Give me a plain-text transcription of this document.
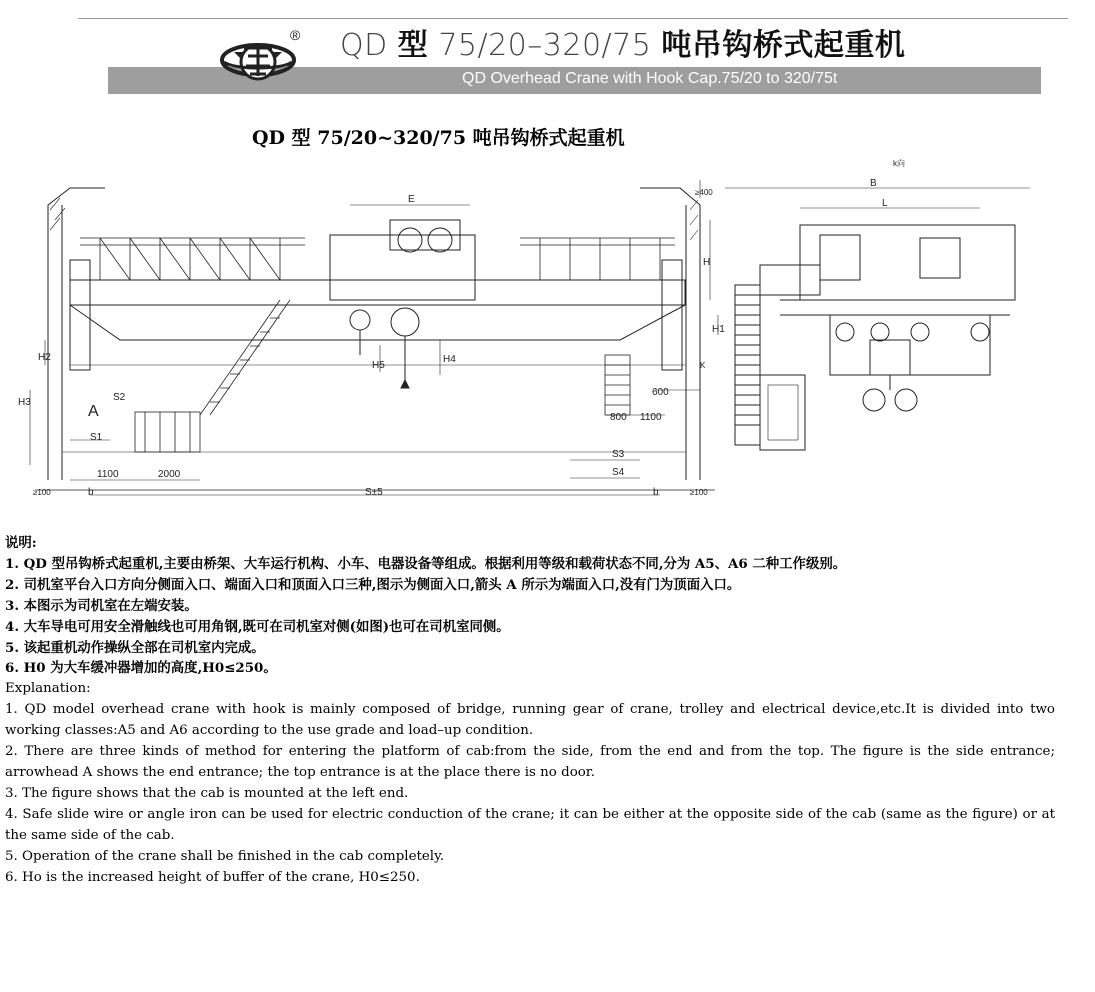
® QD 型 75/20–320/75 吨吊钩桥式起重机
QD Overhead Crane with Hook Cap.75/20 to 320/75t
QD 型 75/20~320/75 吨吊钩桥式起重机
k向
E
B
L
H
H1
H2
H3
H4
H5
S1
S2
S3
S4
A
K
≥400
600
800 1100
1100	2000
S±5
b	b
≥100	≥100

说明:

1. QD 型吊钩桥式起重机,主要由桥架、大车运行机构、小车、电器设备等组成。根据利用等级和载荷状态不同,分为 A5、A6 二种工作级别。

2. 司机室平台入口方向分侧面入口、端面入口和顶面入口三种,图示为侧面入口,箭头 A 所示为端面入口,没有门为顶面入口。

3. 本图示为司机室在左端安装。

4. 大车导电可用安全滑触线也可用角钢,既可在司机室对侧(如图)也可在司机室同侧。

5. 该起重机动作操纵全部在司机室内完成。

6. H0 为大车缓冲器增加的高度,H0≤250。

Explanation:

1. QD model overhead crane with hook is mainly composed of bridge, running gear of crane, trolley and electrical device,etc.It is divided into two working classes:A5 and A6 according to the use grade and load–up condition.

2. There are three kinds of method for entering the platform of cab:from the side, from the end and from the top. The figure is the side entrance; arrowhead A shows the end entrance; the top entrance is at the place there is no door.

3. The figure shows that the cab is mounted at the left end.

4. Safe slide wire or angle iron can be used for electric conduction of the crane; it can be either at the opposite side of the cab (same as the figure) or at the same side of the cab.

5. Operation of the crane shall be finished in the cab completely.

6. Ho is the increased height of buffer of the crane, H0≤250.
